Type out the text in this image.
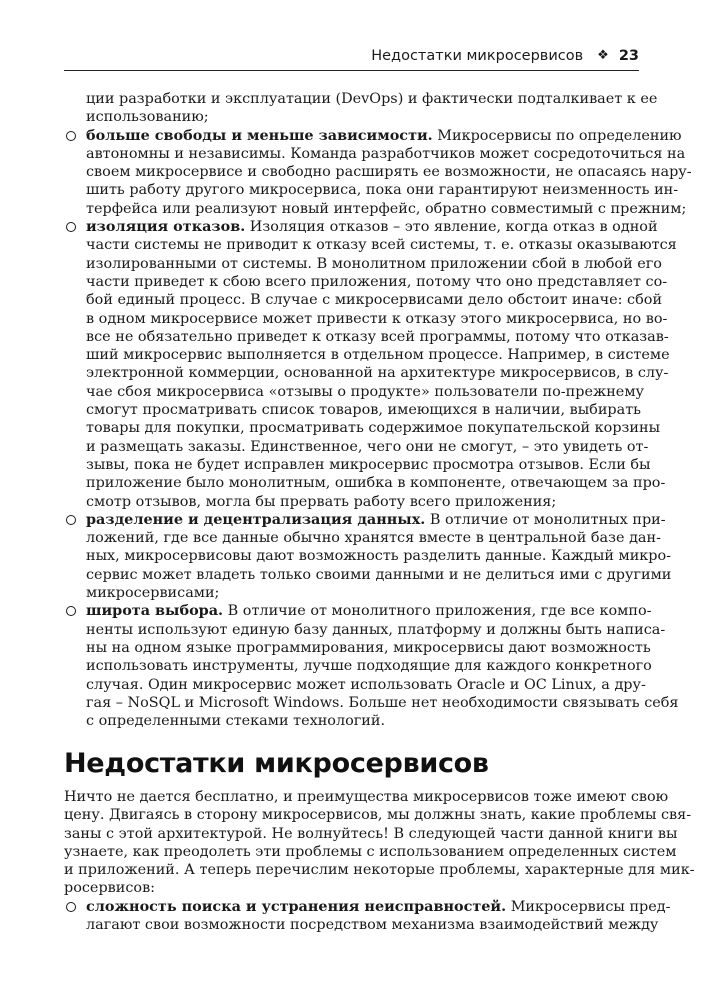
Недостатки микросервисов ❖ 23
ции разработки и эксплуатации (DevOps) и фактически подталкивает к ее
использованию;
больше свободы и меньше зависимости. Микросервисы по определению
автономны и независимы. Команда разработчиков может сосредоточиться на
своем микросервисе и свободно расширять ее возможности, не опасаясь нару-
шить работу другого микросервиса, пока они гарантируют неизменность ин-
терфейса или реализуют новый интерфейс, обратно совместимый с прежним;
изоляция отказов. Изоляция отказов – это явление, когда отказ в одной
части системы не приводит к отказу всей системы, т. е. отказы оказываются
изолированными от системы. В монолитном приложении сбой в любой его
части приведет к сбою всего приложения, потому что оно представляет со-
бой единый процесс. В случае с микросервисами дело обстоит иначе: сбой
в одном микросервисе может привести к отказу этого микросервиса, но во-
все не обязательно приведет к отказу всей программы, потому что отказав-
ший микросервис выполняется в отдельном процессе. Например, в системе
электронной коммерции, основанной на архитектуре микросервисов, в слу-
чае сбоя микросервиса «отзывы о продукте» пользователи по-прежнему
смогут просматривать список товаров, имеющихся в наличии, выбирать
товары для покупки, просматривать содержимое покупательской корзины
и размещать заказы. Единственное, чего они не смогут, – это увидеть от-
зывы, пока не будет исправлен микросервис просмотра отзывов. Если бы
приложение было монолитным, ошибка в компоненте, отвечающем за про-
смотр отзывов, могла бы прервать работу всего приложения;
разделение и децентрализация данных. В отличие от монолитных при-
ложений, где все данные обычно хранятся вместе в центральной базе дан-
ных, микросервисовы дают возможность разделить данные. Каждый микро-
сервис может владеть только своими данными и не делиться ими с другими
микросервисами;
широта выбора. В отличие от монолитного приложения, где все компо-
ненты используют единую базу данных, платформу и должны быть написа-
ны на одном языке программирования, микросервисы дают возможность
использовать инструменты, лучше подходящие для каждого конкретного
случая. Один микросервис может использовать Oracle и ОС Linux, а дру-
гая – NoSQL и Microsoft Windows. Больше нет необходимости связывать себя
с определенными стеками технологий.
Недостатки микросервисов
Ничто не дается бесплатно, и преимущества микросервисов тоже имеют свою
цену. Двигаясь в сторону микросервисов, мы должны знать, какие проблемы свя-
заны с этой архитектурой. Не волнуйтесь! В следующей части данной книги вы
узнаете, как преодолеть эти проблемы с использованием определенных систем
и приложений. А теперь перечислим некоторые проблемы, характерные для мик-
росервисов:
сложность поиска и устранения неисправностей. Микросервисы пред-
лагают свои возможности посредством механизма взаимодействий между
